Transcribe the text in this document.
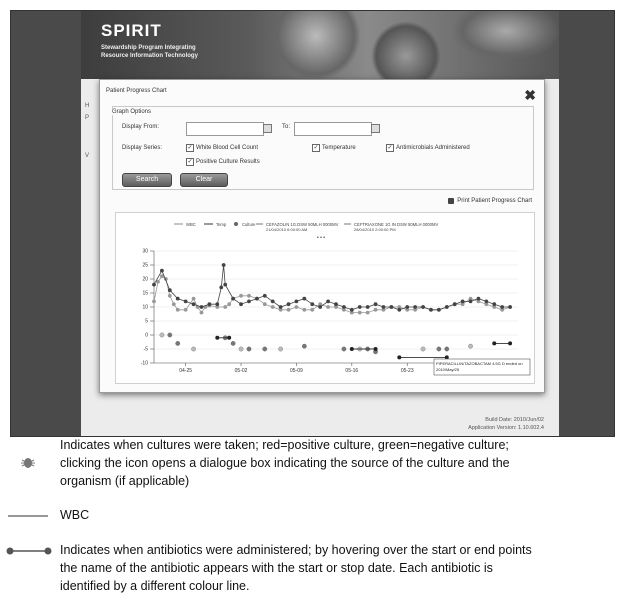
SPIRIT
Stewardship Program Integrating
Resource Information Technology
H
P
V
Build Date: 2010/Jun/02
Application Version: 1.10.602.4
Patient Progress Chart	✖
Graph Options
Display From:	To:
Display Series:	✓ White Blood Cell Count	✓ Temperature	✓ Antimicrobials Administered
✓ Positive Culture Results
Search	Clear
Print Patient Progress Chart
WBC	Temp	Culture	CEFAZOLIN 1G.DSW 50MLH 0000MV
21/04/2010 6:00:00 AM
CEFTRIAXONE 1G IN DSW 50MLH 0000MV
28/04/2010 2:00:00 PM
• • •
30
25
20
15
10
5
0
-5
-10
04-25	05-02	05-09	05-16	05-23
PIPERACILLIN/TAZOBACTAM 4.5G D ended on
2010/May/25
Indicates when cultures were taken; red=positive culture, green=negative culture;
clicking the icon opens a dialogue box indicating the source of the culture and the
organism (if applicable)
WBC
Indicates when antibiotics were administered; by hovering over the start or end points
the name of the antibiotic appears with the start or stop date. Each antibiotic is
identified by a different colour line.
